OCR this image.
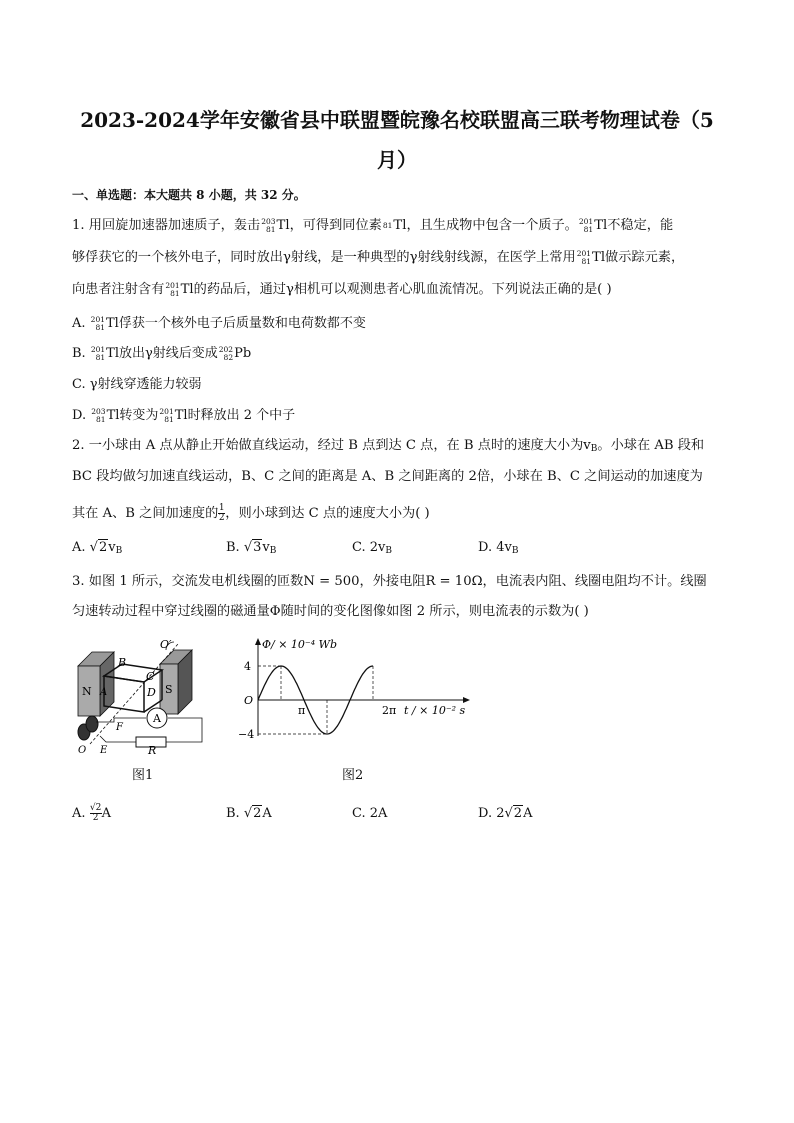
2023-2024学年安徽省县中联盟暨皖豫名校联盟高三联考物理试卷（5
月）
一、单选题：本大题共 8 小题，共 32 分。
1. 用回旋加速器加速质子，轰击 203
81 Tl，可得到同位素 81 Tl，且生成物中包含一个质子。 201
81 Tl不稳定，能
够俘获它的一个核外电子，同时放出γ射线，是一种典型的γ射线射线源，在医学上常用 201
81 Tl做示踪元素，
向患者注射含有 201
81 Tl的药品后，通过γ相机可以观测患者心肌血流情况。下列说法正确的是( )
A. 201
81 Tl俘获一个核外电子后质量数和电荷数都不变
B. 201
81 Tl放出γ射线后变成 202
82 Pb
C. γ射线穿透能力较弱
D. 203
81 Tl转变为 201
81 Tl时释放出 2 个中子
2. 一小球由 A 点从静止开始做直线运动，经过 B 点到达 C 点，在 B 点时的速度大小为$v_B$。小球在 AB 段和
BC 段均做匀加速直线运动，B、C 之间的距离是 A、B 之间距离的 2倍，小球在 B、C 之间运动的加速度为
其在 A、B 之间加速度的 $\frac{1}{2}$ ，则小球到达 C 点的速度大小为( )
A. $√2v_B$	B. $√3v_B$	C. $2v_B$	D. $4v_B$
3. 如图 1 所示，交流发电机线圈的匝数N = 500，外接电阻R = 10Ω，电流表内阻、线圈电阻均不计。线圈
匀速转动过程中穿过线圈的磁通量Φ随时间的变化图像如图 2 所示，则电流表的示数为( )
A
N A	S
B
C
D
O′
F
E
O	R
图1
Φ/ × 10⁻⁴ Wb
4
O
−4
π	2π t / × 10⁻² s
图2
A. $\frac{√2}{2}$ A	B. √2A	C. 2A	D. 2√2A
